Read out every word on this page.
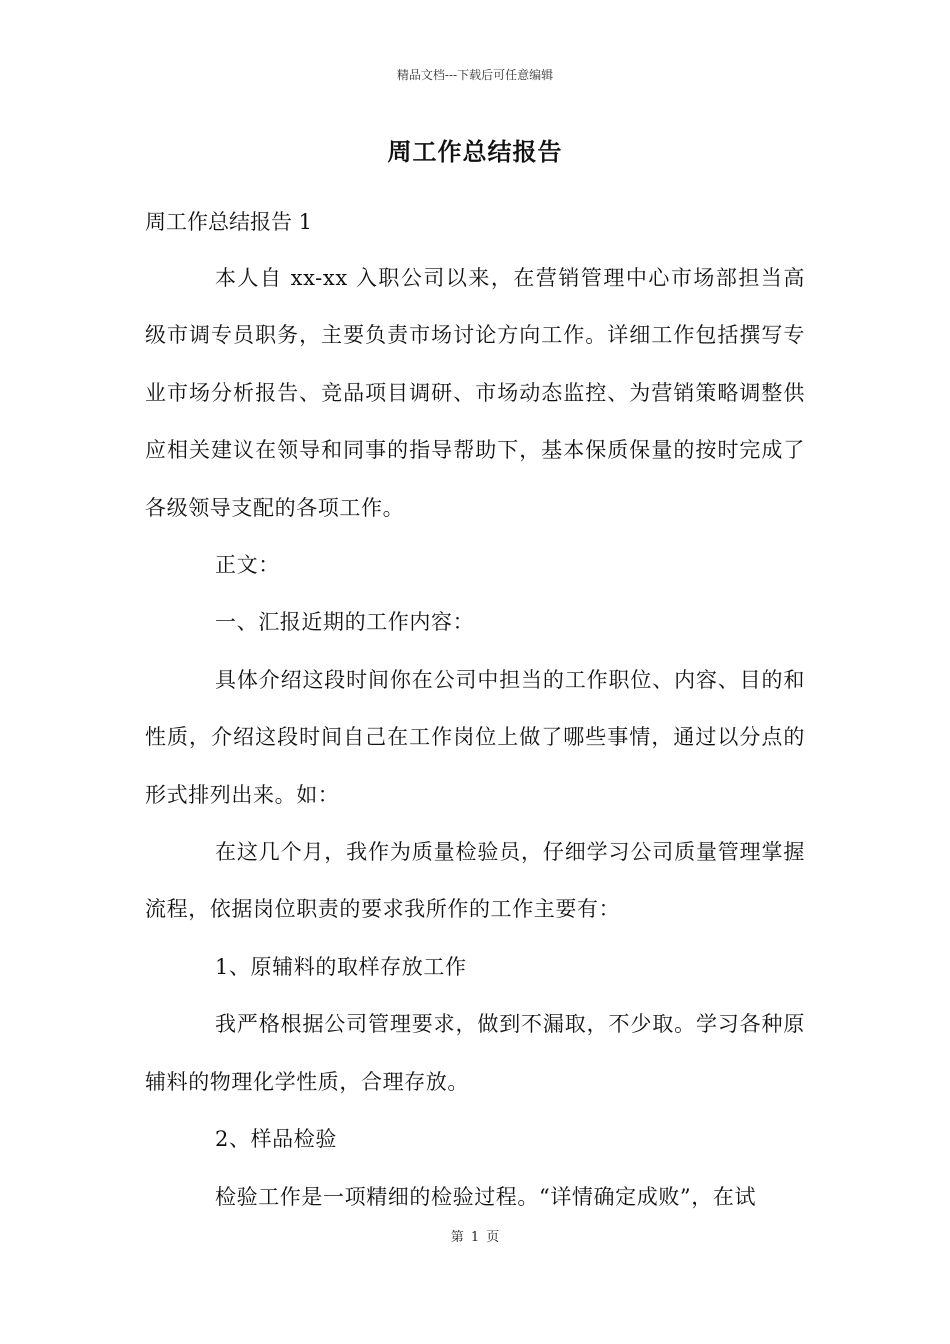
精品文档---下载后可任意编辑
周工作总结报告
周工作总结报告 1

本人自 xx-xx 入职公司以来，在营销管理中心市场部担当高级市调专员职务，主要负责市场讨论方向工作。详细工作包括撰写专业市场分析报告、竞品项目调研、市场动态监控、为营销策略调整供应相关建议在领导和同事的指导帮助下，基本保质保量的按时完成了各级领导支配的各项工作。

正文：

一、汇报近期的工作内容：

具体介绍这段时间你在公司中担当的工作职位、内容、目的和性质，介绍这段时间自己在工作岗位上做了哪些事情，通过以分点的形式排列出来。如：

在这几个月，我作为质量检验员，仔细学习公司质量管理掌握流程，依据岗位职责的要求我所作的工作主要有：

1、原辅料的取样存放工作

我严格根据公司管理要求，做到不漏取，不少取。学习各种原辅料的物理化学性质，合理存放。

2、样品检验

检验工作是一项精细的检验过程。“详情确定成败”，在试

第 1 页
